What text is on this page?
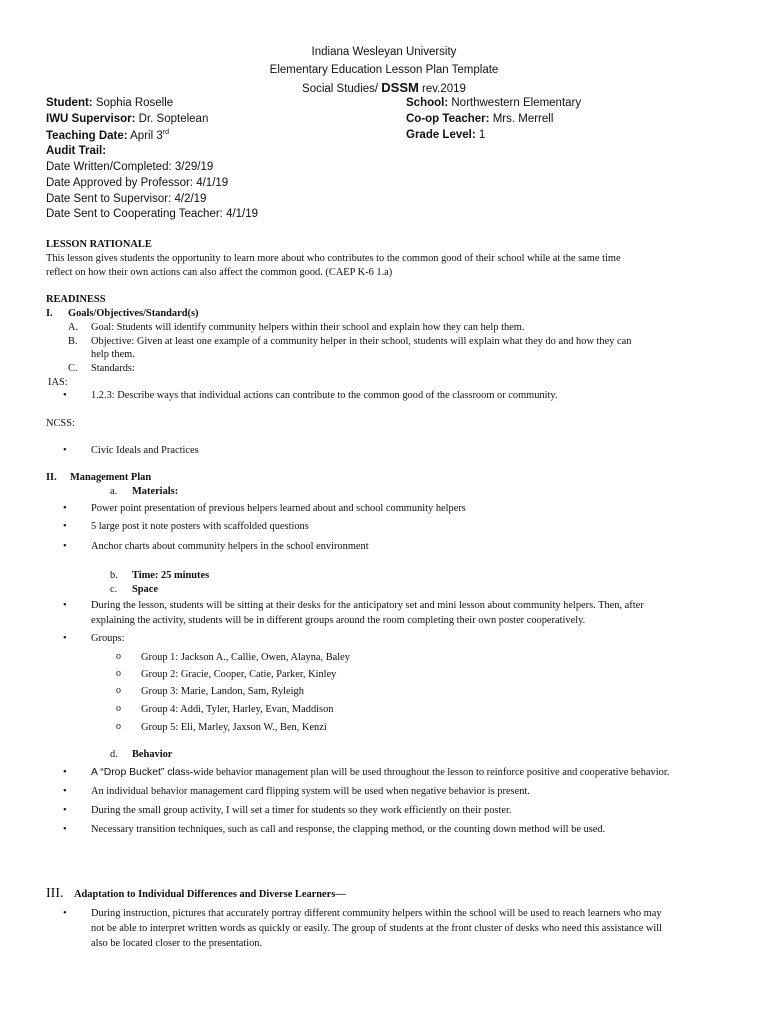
Indiana Wesleyan University
Elementary Education Lesson Plan Template
Social Studies/ DSSM rev.2019
Student: Sophia Roselle
IWU Supervisor: Dr. Soptelean
Teaching Date: April 3rd
Audit Trail:
Date Written/Completed: 3/29/19
Date Approved by Professor: 4/1/19
Date Sent to Supervisor: 4/2/19
Date Sent to Cooperating Teacher: 4/1/19
School: Northwestern Elementary
Co-op Teacher: Mrs. Merrell
Grade Level: 1
LESSON RATIONALE
This lesson gives students the opportunity to learn more about who contributes to the common good of their school while at the same time
reflect on how their own actions can also affect the common good. (CAEP K-6 1.a)
READINESS
I. Goals/Objectives/Standard(s)
A. Goal: Students will identify community helpers within their school and explain how they can help them.
B. Objective: Given at least one example of a community helper in their school, students will explain what they do and how they can
help them.
C. Standards:
IAS:
• 1.2.3: Describe ways that individual actions can contribute to the common good of the classroom or community.
NCSS:
• Civic Ideals and Practices
II. Management Plan
a. Materials:
• Power point presentation of previous helpers learned about and school community helpers
• 5 large post it note posters with scaffolded questions
• Anchor charts about community helpers in the school environment
b. Time: 25 minutes
c. Space
• During the lesson, students will be sitting at their desks for the anticipatory set and mini lesson about community helpers. Then, after
explaining the activity, students will be in different groups around the room completing their own poster cooperatively.
• Groups:
o Group 1: Jackson A., Callie, Owen, Alayna, Baley
o Group 2: Gracie, Cooper, Catie, Parker, Kinley
o Group 3: Marie, Landon, Sam, Ryleigh
o Group 4: Addi, Tyler, Harley, Evan, Maddison
o Group 5: Eli, Marley, Jaxson W., Ben, Kenzi
d. Behavior
• A “Drop Bucket” class-wide behavior management plan will be used throughout the lesson to reinforce positive and cooperative behavior.
• An individual behavior management card flipping system will be used when negative behavior is present.
• During the small group activity, I will set a timer for students so they work efficiently on their poster.
• Necessary transition techniques, such as call and response, the clapping method, or the counting down method will be used.
III. Adaptation to Individual Differences and Diverse Learners—
• During instruction, pictures that accurately portray different community helpers within the school will be used to reach learners who may
not be able to interpret written words as quickly or easily. The group of students at the front cluster of desks who need this assistance will
also be located closer to the presentation.
